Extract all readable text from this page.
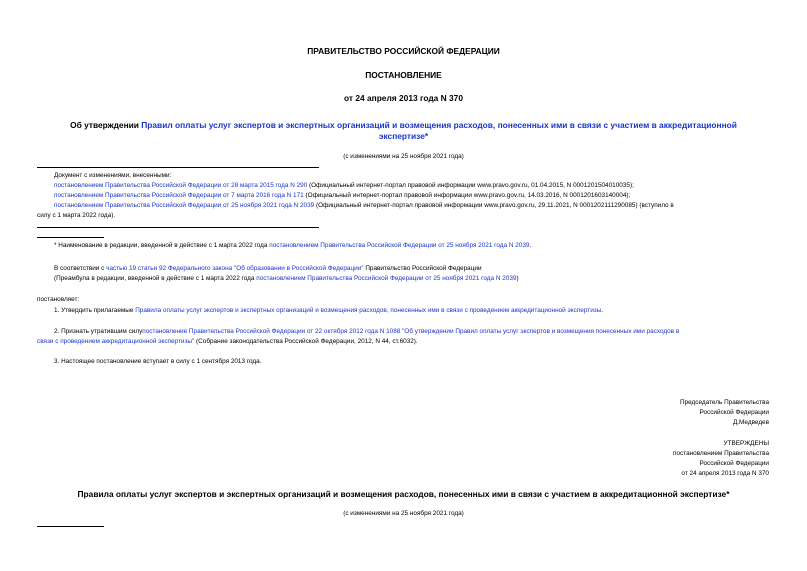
ПРАВИТЕЛЬСТВО РОССИЙСКОЙ ФЕДЕРАЦИИ
ПОСТАНОВЛЕНИЕ
от 24 апреля 2013 года N 370
Об утверждении Правил оплаты услуг экспертов и экспертных организаций и возмещения расходов, понесенных ими в связи с участием в аккредитационной
экспертизе*
(с изменениями на 25 ноября 2021 года)
Документ с изменениями, внесенными:
постановлением Правительства Российской Федерации от 28 марта 2015 года N 290 (Официальный интернет-портал правовой информации www.pravo.gov.ru, 01.04.2015, N 0001201504010035);
постановлением Правительства Российской Федерации от 7 марта 2016 года N 171 (Официальный интернет-портал правовой информации www.pravo.gov.ru, 14.03.2016, N 0001201603140004);
постановлением Правительства Российской Федерации от 25 ноября 2021 года N 2039 (Официальный интернет-портал правовой информации www.pravo.gov.ru, 29.11.2021, N 0001202111290085) (вступило в
силу с 1 марта 2022 года).
* Наименование в редакции, введенной в действие с 1 марта 2022 года постановлением Правительства Российской Федерации от 25 ноября 2021 года N 2039.
В соответствии с частью 19 статьи 92 Федерального закона "Об образовании в Российской Федерации" Правительство Российской Федерации
(Преамбула в редакции, введенной в действие с 1 марта 2022 года постановлением Правительства Российской Федерации от 25 ноября 2021 года N 2039)
постановляет:
1. Утвердить прилагаемые Правила оплаты услуг экспертов и экспертных организаций и возмещения расходов, понесенных ими в связи с проведением аккредитационной экспертизы.
2. Признать утратившим силупостановление Правительства Российской Федерации от 22 октября 2012 года N 1088 "Об утверждении Правил оплаты услуг экспертов и возмещения понесенных ими расходов в
связи с проведением аккредитационной экспертизы" (Собрание законодательства Российской Федерации, 2012, N 44, ст.6032).
3. Настоящее постановление вступает в силу с 1 сентября 2013 года.
Председатель Правительства
Российской Федерации
Д.Медведев
УТВЕРЖДЕНЫ
постановлением Правительства
Российской Федерации
от 24 апреля 2013 года N 370
Правила оплаты услуг экспертов и экспертных организаций и возмещения расходов, понесенных ими в связи с участием в аккредитационной экспертизе*
(с изменениями на 25 ноября 2021 года)
